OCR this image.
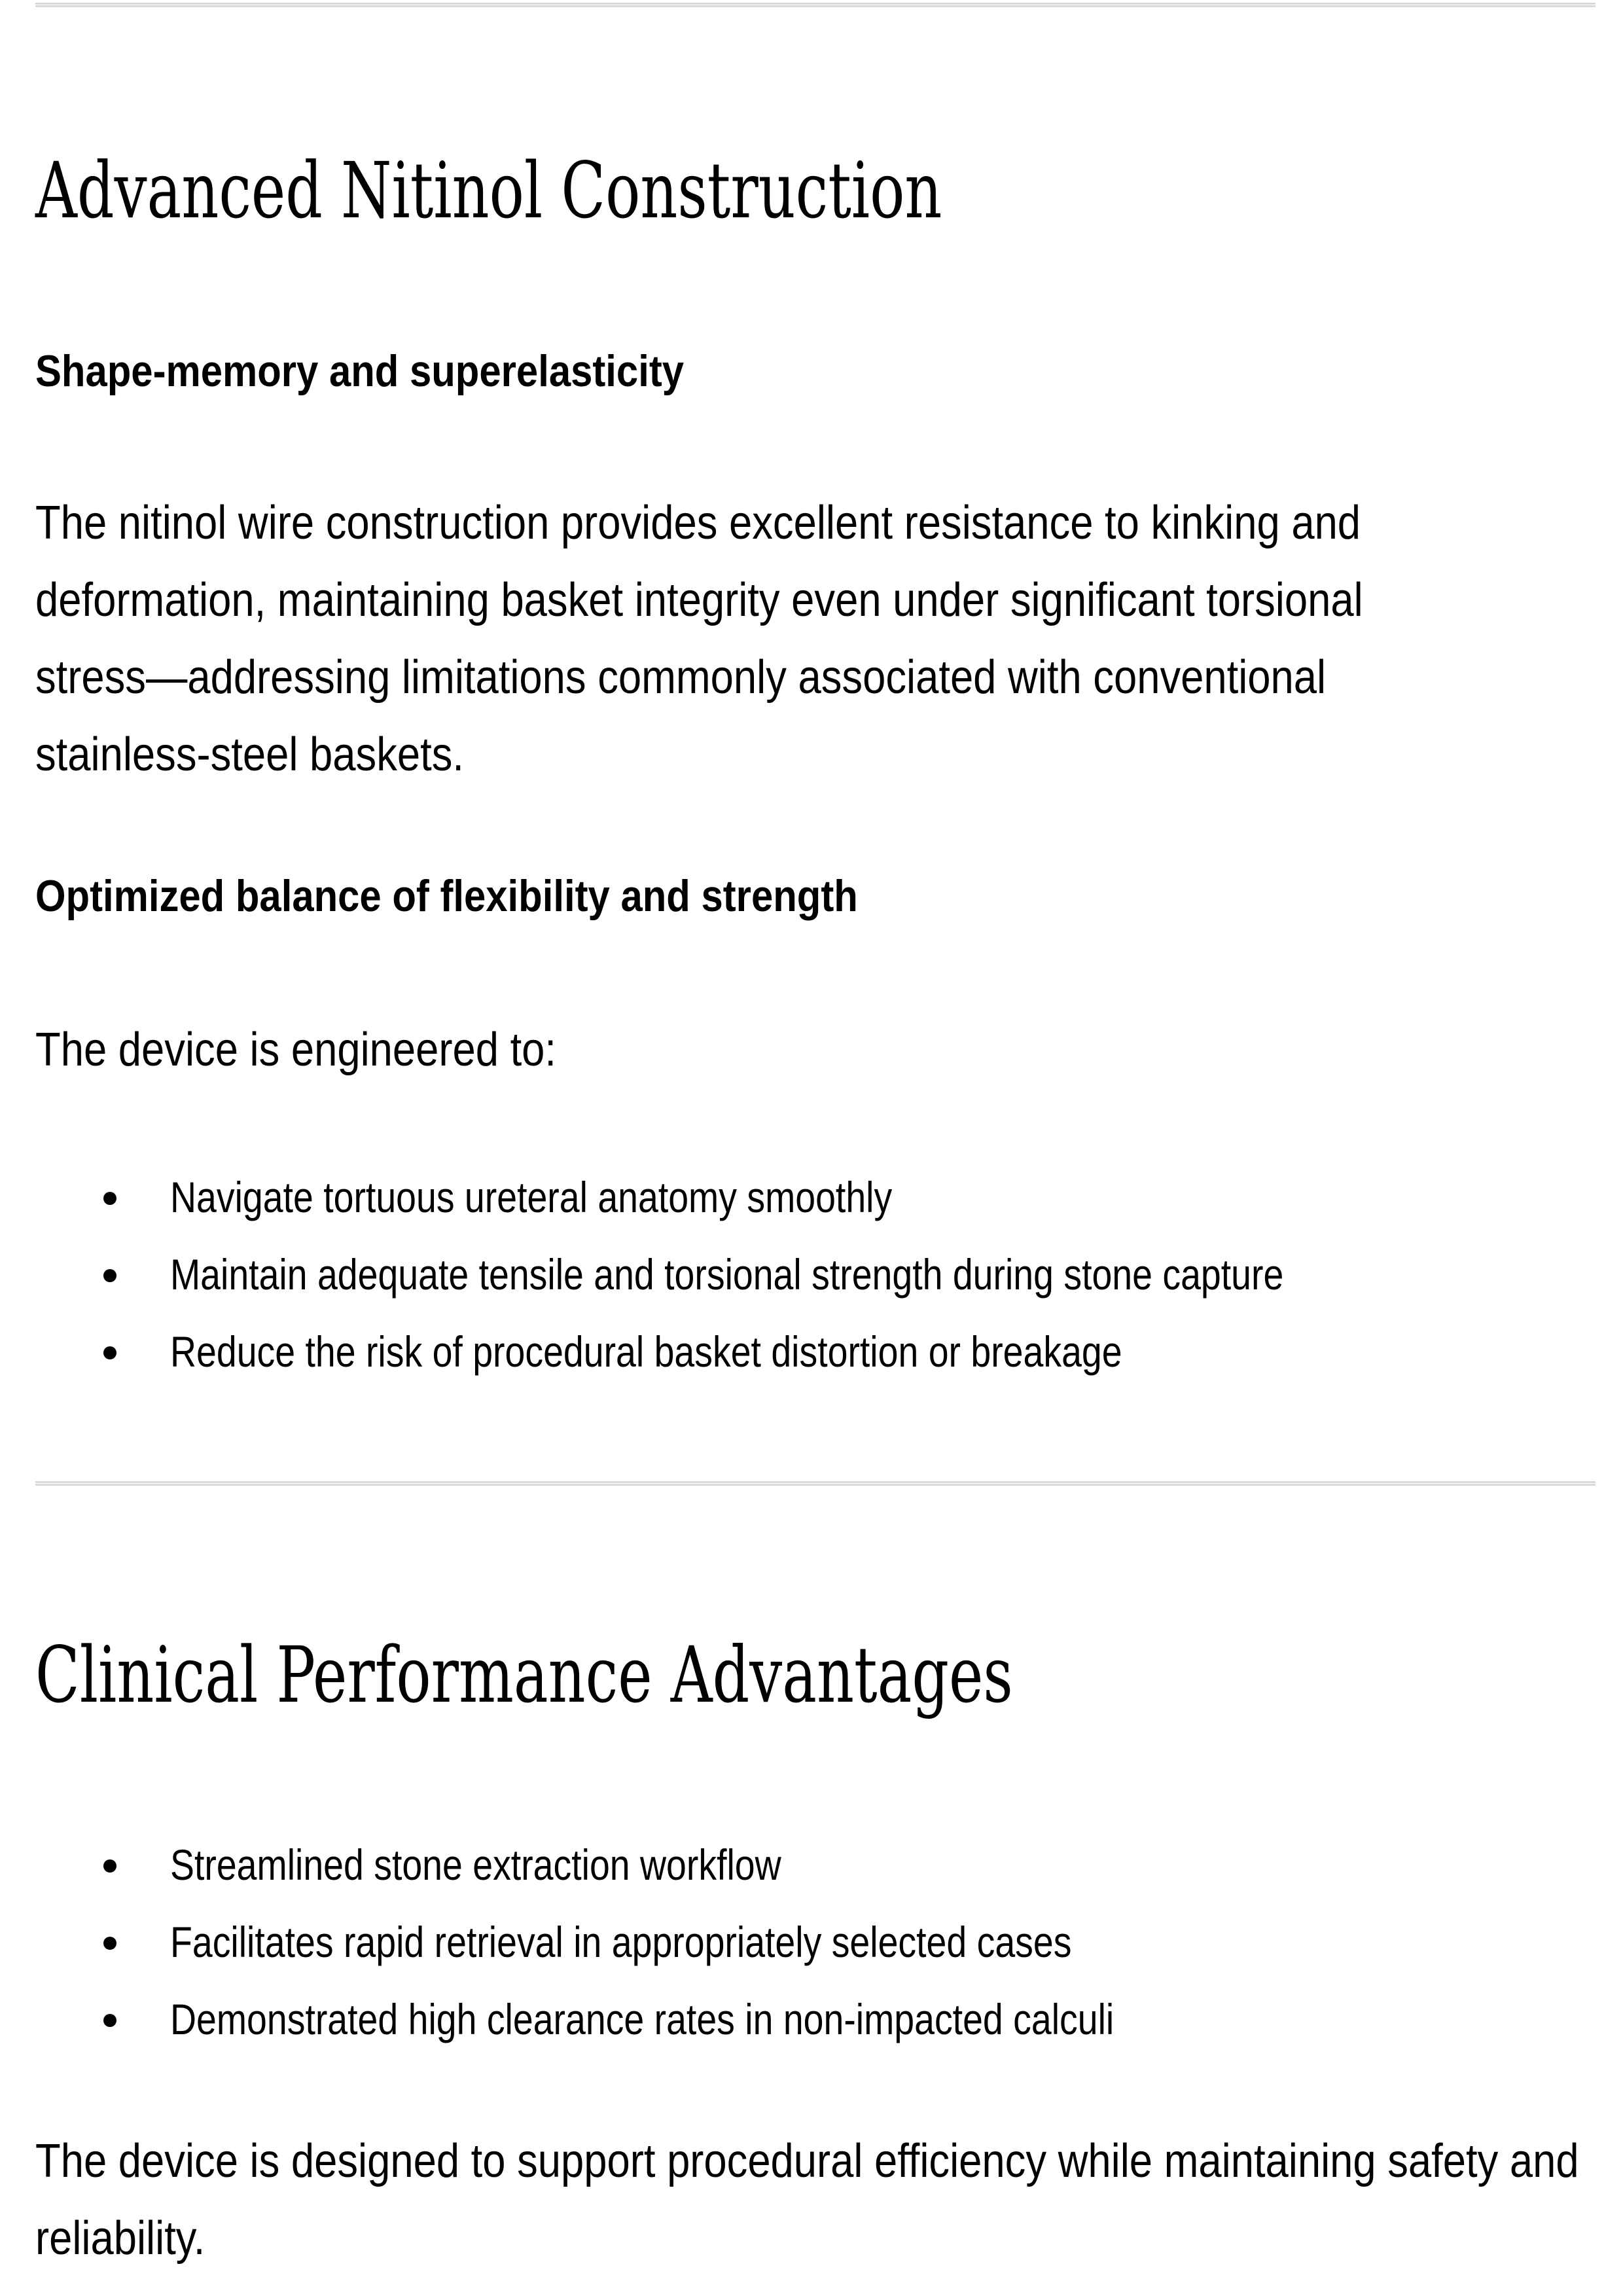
Advanced Nitinol Construction
Shape-memory and superelasticity
The nitinol wire construction provides excellent resistance to kinking and
deformation, maintaining basket integrity even under significant torsional
stress—addressing limitations commonly associated with conventional
stainless-steel baskets.
Optimized balance of flexibility and strength
The device is engineered to:
Navigate tortuous ureteral anatomy smoothly
Maintain adequate tensile and torsional strength during stone capture
Reduce the risk of procedural basket distortion or breakage
Clinical Performance Advantages
Streamlined stone extraction workflow
Facilitates rapid retrieval in appropriately selected cases
Demonstrated high clearance rates in non-impacted calculi
The device is designed to support procedural efficiency while maintaining safety and
reliability.
